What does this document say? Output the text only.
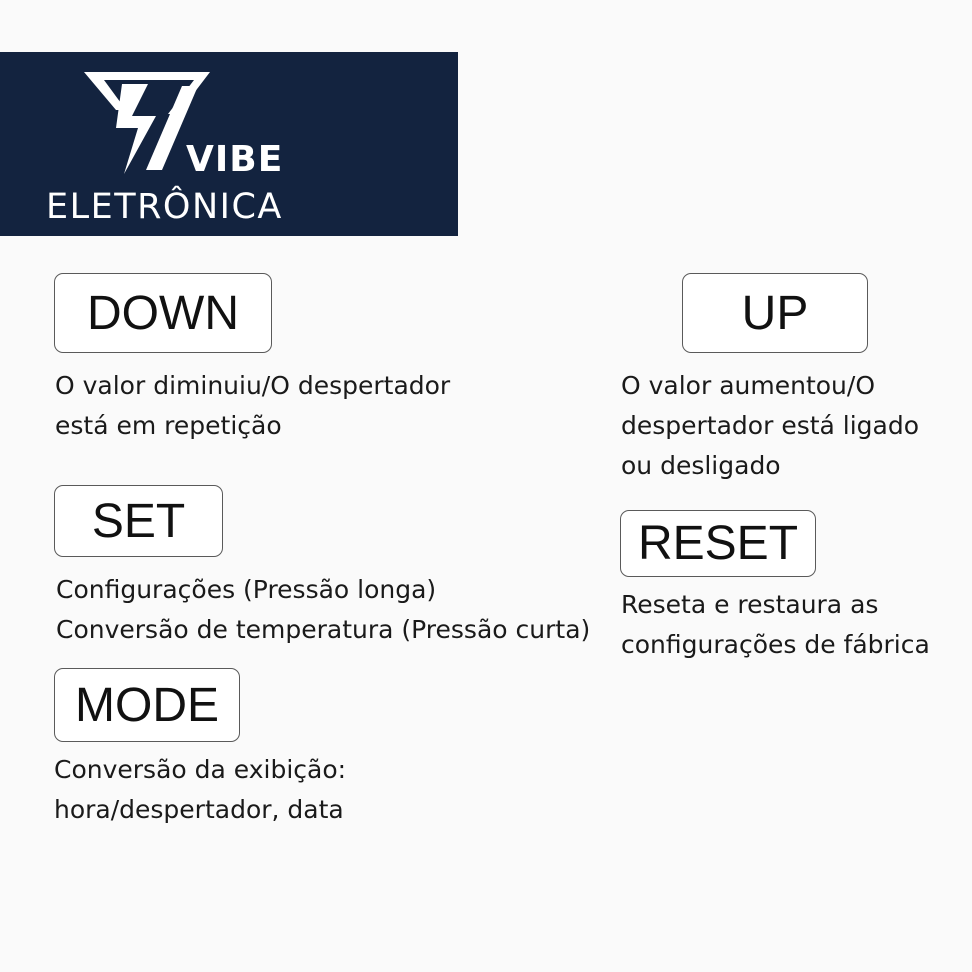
VIBE
ELETRÔNICA
DOWN
O valor diminuiu/O despertador
está em repetição
UP
O valor aumentou/O
despertador está ligado
ou desligado
SET
Configurações (Pressão longa)
Conversão de temperatura (Pressão curta)
RESET
Reseta e restaura as
configurações de fábrica
MODE
Conversão da exibição:
hora/despertador, data
